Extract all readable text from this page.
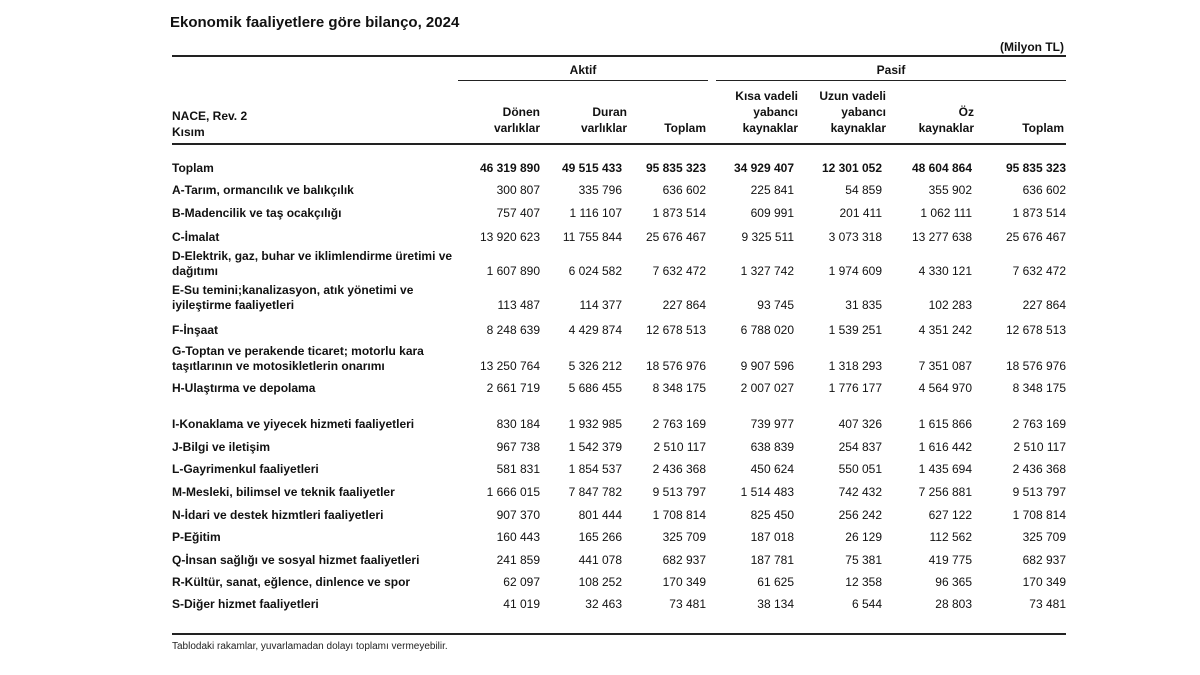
Ekonomik faaliyetlere göre bilanço, 2024
(Milyon TL)
Aktif	Pasif
NACE, Rev. 2
Kısım
Dönen
varlıklar
Duran
varlıklar	Toplam
Kısa vadeli
yabancı
kaynaklar
Uzun vadeli
yabancı
kaynaklar
Öz
kaynaklar	Toplam
Toplam	46 319 890	49 515 433	95 835 323	34 929 407	12 301 052	48 604 864	95 835 323
A-Tarım, ormancılık ve balıkçılık	300 807	335 796	636 602	225 841	54 859	355 902	636 602
B-Madencilik ve taş ocakçılığı	757 407	1 116 107	1 873 514	609 991	201 411	1 062 111	1 873 514
C-İmalat	13 920 623	11 755 844	25 676 467	9 325 511	3 073 318	13 277 638	25 676 467
D-Elektrik, gaz, buhar ve iklimlendirme üretimi ve dağıtımı	1 607 890	6 024 582	7 632 472	1 327 742	1 974 609	4 330 121	7 632 472
E-Su temini;kanalizasyon, atık yönetimi ve iyileştirme faaliyetleri	113 487	114 377	227 864	93 745	31 835	102 283	227 864
F-İnşaat	8 248 639	4 429 874	12 678 513	6 788 020	1 539 251	4 351 242	12 678 513
G-Toptan ve perakende ticaret; motorlu kara taşıtlarının ve motosikletlerin onarımı	13 250 764	5 326 212	18 576 976	9 907 596	1 318 293	7 351 087	18 576 976
H-Ulaştırma ve depolama	2 661 719	5 686 455	8 348 175	2 007 027	1 776 177	4 564 970	8 348 175
I-Konaklama ve yiyecek hizmeti faaliyetleri	830 184	1 932 985	2 763 169	739 977	407 326	1 615 866	2 763 169
J-Bilgi ve iletişim	967 738	1 542 379	2 510 117	638 839	254 837	1 616 442	2 510 117
L-Gayrimenkul faaliyetleri	581 831	1 854 537	2 436 368	450 624	550 051	1 435 694	2 436 368
M-Mesleki, bilimsel ve teknik faaliyetler	1 666 015	7 847 782	9 513 797	1 514 483	742 432	7 256 881	9 513 797
N-İdari ve destek hizmtleri faaliyetleri	907 370	801 444	1 708 814	825 450	256 242	627 122	1 708 814
P-Eğitim	160 443	165 266	325 709	187 018	26 129	112 562	325 709
Q-İnsan sağlığı ve sosyal hizmet faaliyetleri	241 859	441 078	682 937	187 781	75 381	419 775	682 937
R-Kültür, sanat, eğlence, dinlence ve spor	62 097	108 252	170 349	61 625	12 358	96 365	170 349
S-Diğer hizmet faaliyetleri	41 019	32 463	73 481	38 134	6 544	28 803	73 481
Tablodaki rakamlar, yuvarlamadan dolayı toplamı vermeyebilir.
